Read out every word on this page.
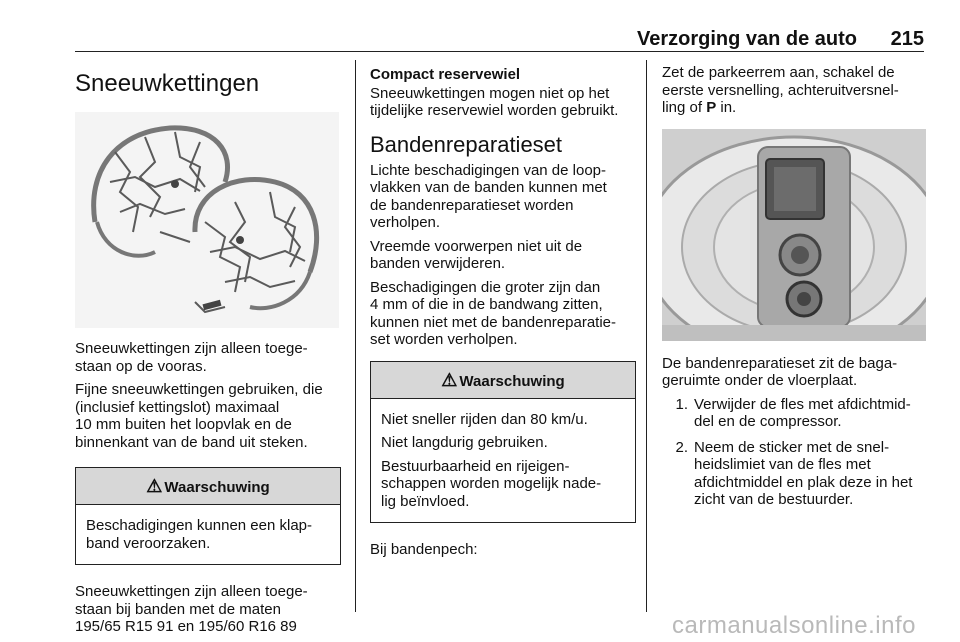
Verzorging van de auto 215
Sneeuwkettingen

Sneeuwkettingen zijn alleen toege-
staan op de vooras.

Fijne sneeuwkettingen gebruiken, die
(inclusief kettingslot) maximaal
10 mm buiten het loopvlak en de
binnenkant van de band uit steken.

⚠ Waarschuwing

Beschadigingen kunnen een klap-
band veroorzaken.

Sneeuwkettingen zijn alleen toege-
staan bij banden met de maten
195/65 R15 91 en 195/60 R16 89

Compact reservewiel

Sneeuwkettingen mogen niet op het
tijdelijke reservewiel worden gebruikt.

Bandenreparatieset

Lichte beschadigingen van de loop-
vlakken van de banden kunnen met
de bandenreparatieset worden
verholpen.

Vreemde voorwerpen niet uit de
banden verwijderen.

Beschadigingen die groter zijn dan
4 mm of die in de bandwang zitten,
kunnen niet met de bandenreparatie-
set worden verholpen.

⚠ Waarschuwing

Niet sneller rijden dan 80 km/u.

Niet langdurig gebruiken.

Bestuurbaarheid en rijeigen-
schappen worden mogelijk nade-
lig beïnvloed.

Bij bandenpech:

Zet de parkeerrem aan, schakel de
eerste versnelling, achteruitversnel-
ling of P in.

De bandenreparatieset zit de baga-
geruimte onder de vloerplaat.

1. Verwijder de fles met afdichtmid-
del en de compressor.
2. Neem de sticker met de snel-
heidslimiet van de fles met
afdichtmiddel en plak deze in het
zicht van de bestuurder.
carmanualsonline.info
